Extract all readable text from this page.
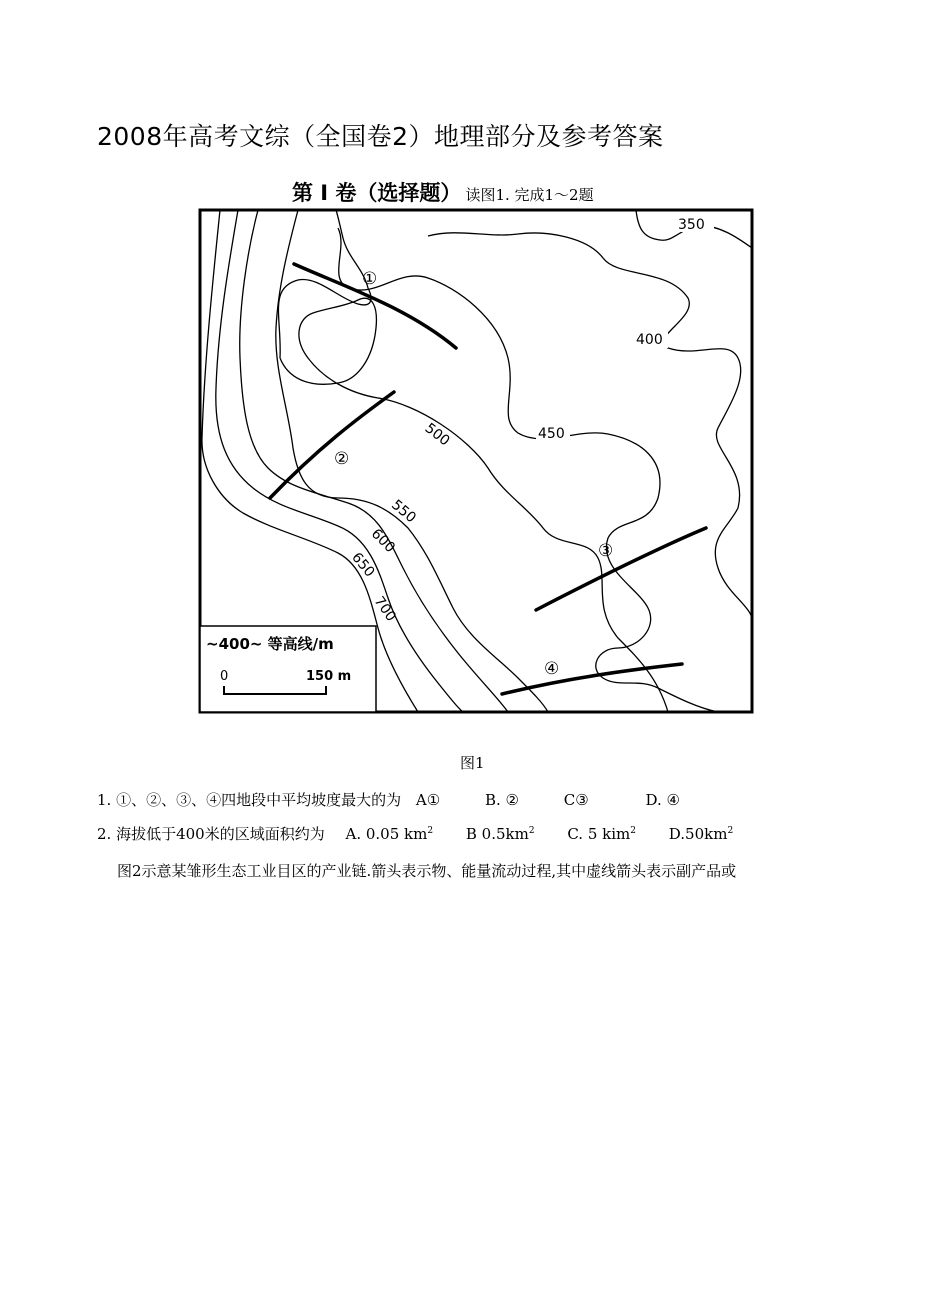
2008年高考文综（全国卷2）地理部分及参考答案
第 I 卷（选择题） 读图1. 完成1～2题
350
400
450
500
550
600
650
700
①
②
③
④
~400~ 等高线/m
0	150 m
图1
1. ①、②、③、④四地段中平均坡度最大的为 A①	B. ②	C③	D. ④
2. 海拔低于400米的区域面积约为 A. 0.05 $km^2$ B $0.5km^2$ C. 5 kim$^2$ $D.50km^2$
图2示意某雏形生态工业目区的产业链.箭头表示物、能量流动过程,其中虚线箭头表示副产品或
